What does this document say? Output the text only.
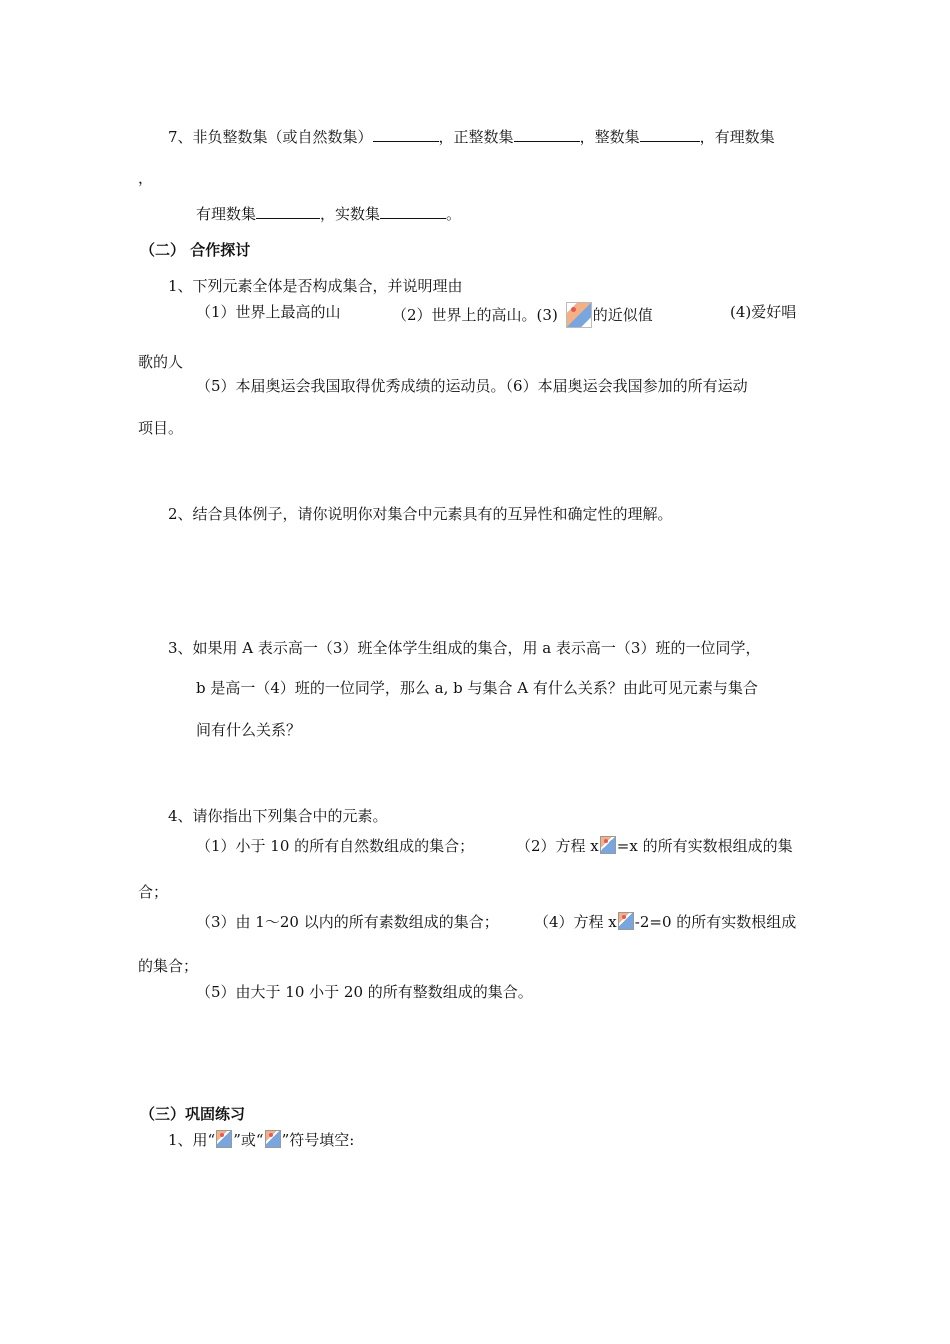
7、非负整数集（或自然数集）	，正整数集	，整数集	，有理数集
，
有理数集	，实数集	。
（二） 合作探讨
1、下列元素全体是否构成集合，并说明理由
（1）世界上最高的山	（2）世界上的高山。(3) 的近似值	(4)爱好唱
歌的人
（5）本届奥运会我国取得优秀成绩的运动员。（6）本届奥运会我国参加的所有运动
项目。
2、结合具体例子，请你说明你对集合中元素具有的互异性和确定性的理解。
3、如果用 A 表示高一（3）班全体学生组成的集合，用 a 表示高一（3）班的一位同学，
b 是高一（4）班的一位同学，那么 a, b 与集合 A 有什么关系？由此可见元素与集合
间有什么关系？
4、请你指出下列集合中的元素。
（1）小于 10 的所有自然数组成的集合；	（2）方程 x =x 的所有实数根组成的集
合；
（3）由 1～20 以内的所有素数组成的集合； （4）方程 x -2=0 的所有实数根组成
的集合；
（5）由大于 10 小于 20 的所有整数组成的集合。
（三）巩固练习
1、用“ ”或“ ”符号填空:
